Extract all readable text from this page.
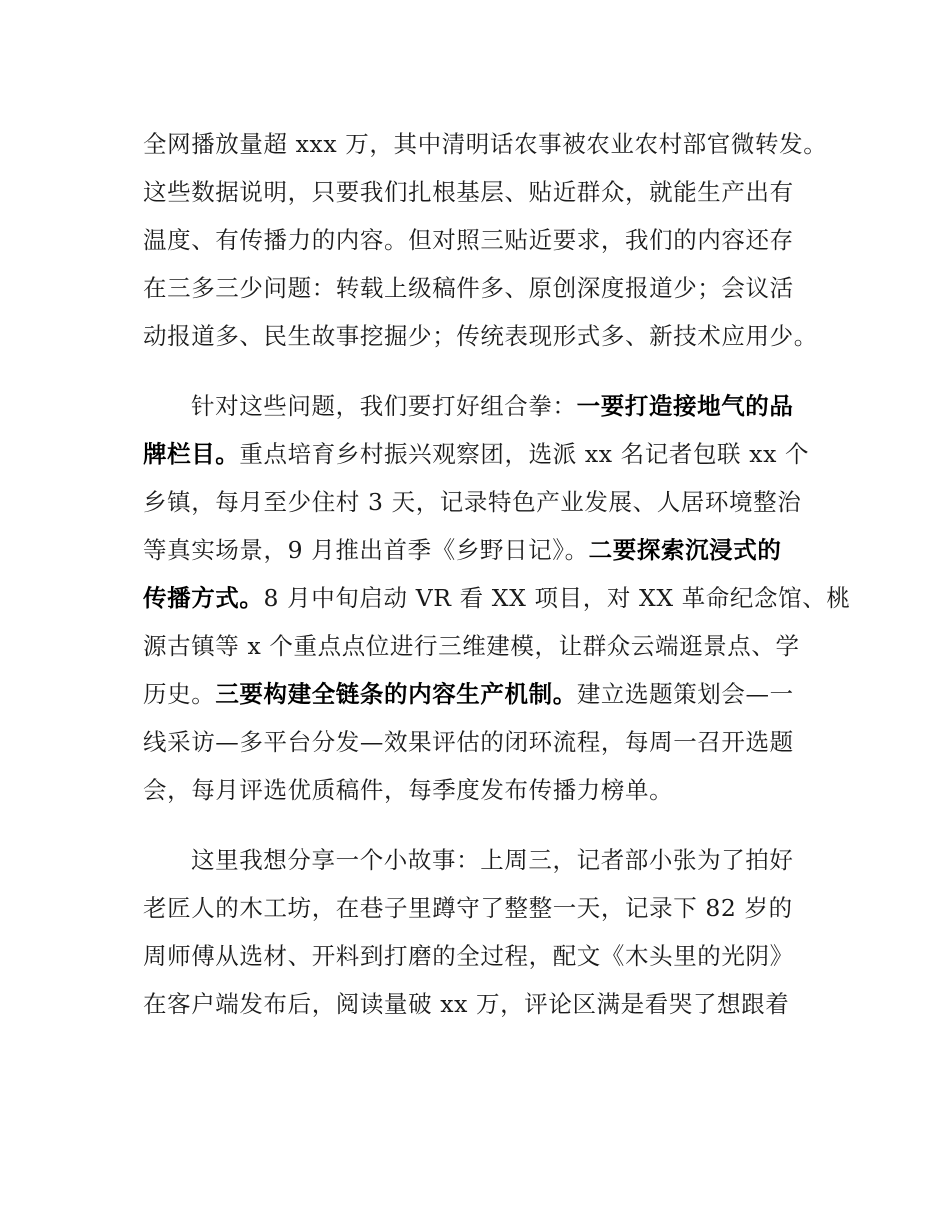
全网播放量超 xxx 万，其中清明话农事被农业农村部官微转发。
这些数据说明，只要我们扎根基层、贴近群众，就能生产出有
温度、有传播力的内容。但对照三贴近要求，我们的内容还存
在三多三少问题：转载上级稿件多、原创深度报道少；会议活
动报道多、民生故事挖掘少；传统表现形式多、新技术应用少。

针对这些问题，我们要打好组合拳：一要打造接地气的品
牌栏目。重点培育乡村振兴观察团，选派 xx 名记者包联 xx 个
乡镇，每月至少住村 3 天，记录特色产业发展、人居环境整治
等真实场景，9 月推出首季《乡野日记》。二要探索沉浸式的
传播方式。8 月中旬启动 VR 看 XX 项目，对 XX 革命纪念馆、桃
源古镇等 x 个重点点位进行三维建模，让群众云端逛景点、学
历史。三要构建全链条的内容生产机制。建立选题策划会—一
线采访—多平台分发—效果评估的闭环流程，每周一召开选题
会，每月评选优质稿件，每季度发布传播力榜单。

这里我想分享一个小故事：上周三，记者部小张为了拍好
老匠人的木工坊，在巷子里蹲守了整整一天，记录下 82 岁的
周师傅从选材、开料到打磨的全过程，配文《木头里的光阴》
在客户端发布后，阅读量破 xx 万，评论区满是看哭了想跟着
